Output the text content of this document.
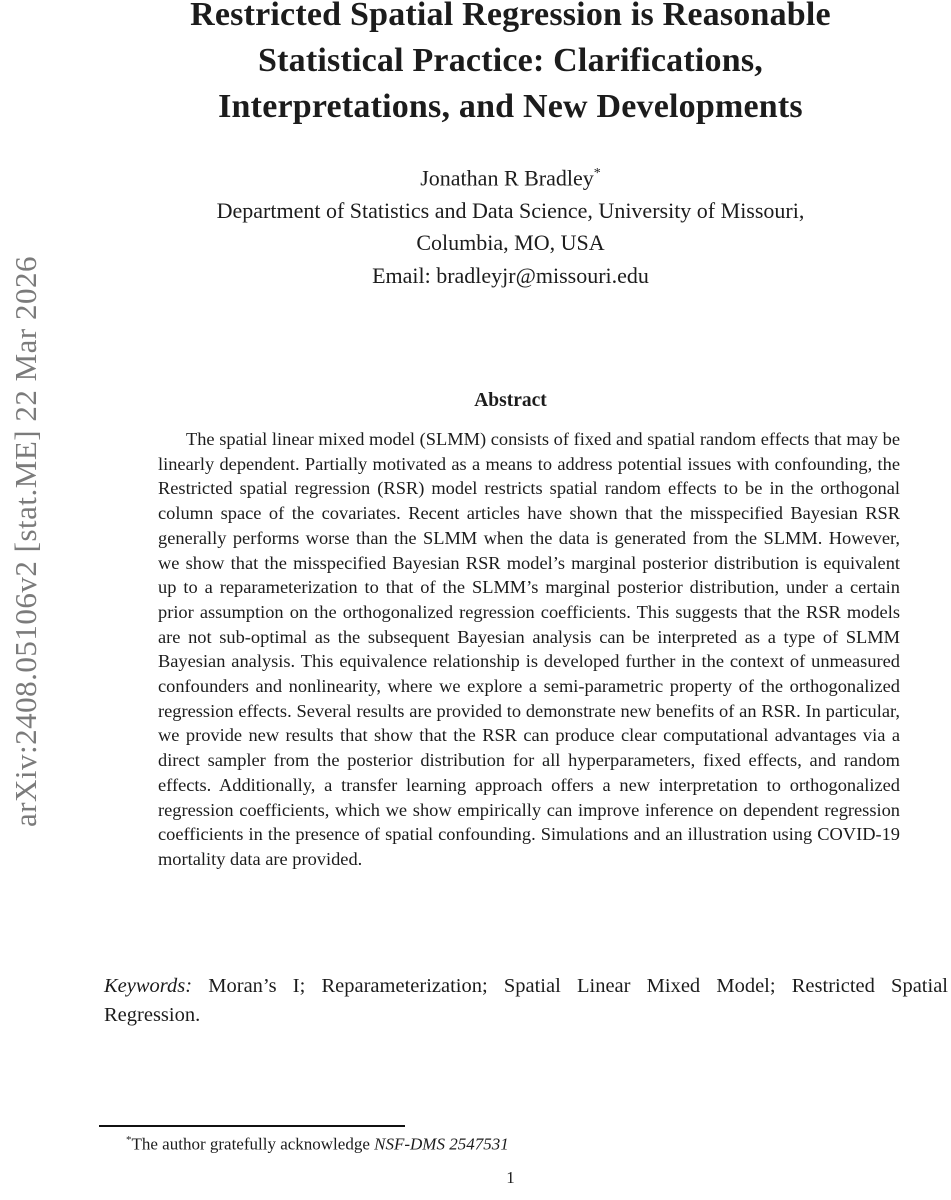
arXiv:2408.05106v2 [stat.ME] 22 Mar 2026
Restricted Spatial Regression is Reasonable
Statistical Practice: Clarifications,
Interpretations, and New Developments
Jonathan R Bradley*
Department of Statistics and Data Science, University of Missouri,
Columbia, MO, USA
Email: bradleyjr@missouri.edu
Abstract
The spatial linear mixed model (SLMM) consists of fixed and spatial random effects that may be linearly dependent. Partially motivated as a means to address potential issues with confounding, the Restricted spatial regression (RSR) model restricts spatial random effects to be in the orthogonal column space of the covariates. Recent articles have shown that the misspecified Bayesian RSR generally performs worse than the SLMM when the data is generated from the SLMM. However, we show that the misspecified Bayesian RSR model’s marginal posterior distribution is equivalent up to a reparameterization to that of the SLMM’s marginal posterior distribution, under a certain prior assumption on the orthogonalized regression coefficients. This suggests that the RSR models are not sub-optimal as the subsequent Bayesian analysis can be interpreted as a type of SLMM Bayesian analysis. This equivalence relationship is developed further in the context of unmeasured confounders and nonlinearity, where we explore a semi-parametric property of the orthogonalized regression effects. Several results are provided to demonstrate new benefits of an RSR. In particular, we provide new results that show that the RSR can produce clear computational advantages via a direct sampler from the posterior distribution for all hyperparameters, fixed effects, and random effects. Additionally, a transfer learning approach offers a new interpretation to orthogonalized regression coefficients, which we show empirically can improve inference on dependent regression coefficients in the presence of spatial confounding. Simulations and an illustration using COVID-19 mortality data are provided.
Keywords: Moran’s I; Reparameterization; Spatial Linear Mixed Model; Restricted Spatial Regression.
*The author gratefully acknowledge NSF-DMS 2547531
1
